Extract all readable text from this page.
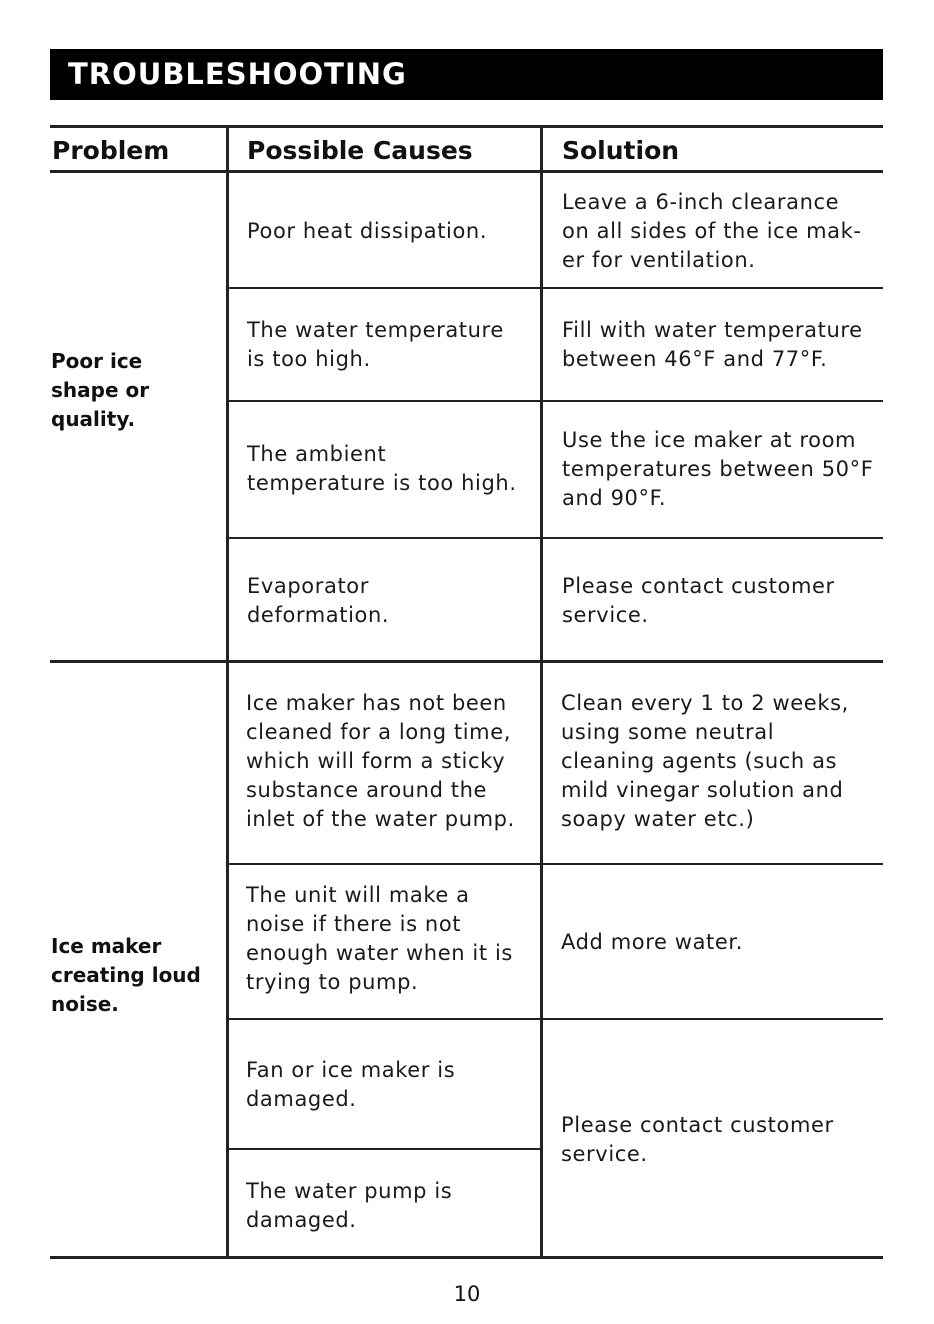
TROUBLESHOOTING
Problem	Possible Causes	Solution
Poor ice shape or quality.
Poor heat dissipation.
Leave a 6-inch clearance on all sides of the ice mak-er for ventilation.
The water temperature is too high.
Fill with water temperature between 46°F and 77°F.
The ambient temperature is too high.
Use the ice maker at room temperatures between 50°F and 90°F.
Evaporator deformation.
Please contact customer service.
Ice maker creating loud noise.
Ice maker has not been cleaned for a long time, which will form a sticky substance around the inlet of the water pump.
Clean every 1 to 2 weeks, using some neutral cleaning agents (such as mild vinegar solution and soapy water etc.)
The unit will make a noise if there is not enough water when it is trying to pump.
Add more water.
Fan or ice maker is damaged.
The water pump is damaged.
Please contact customer service.
10
